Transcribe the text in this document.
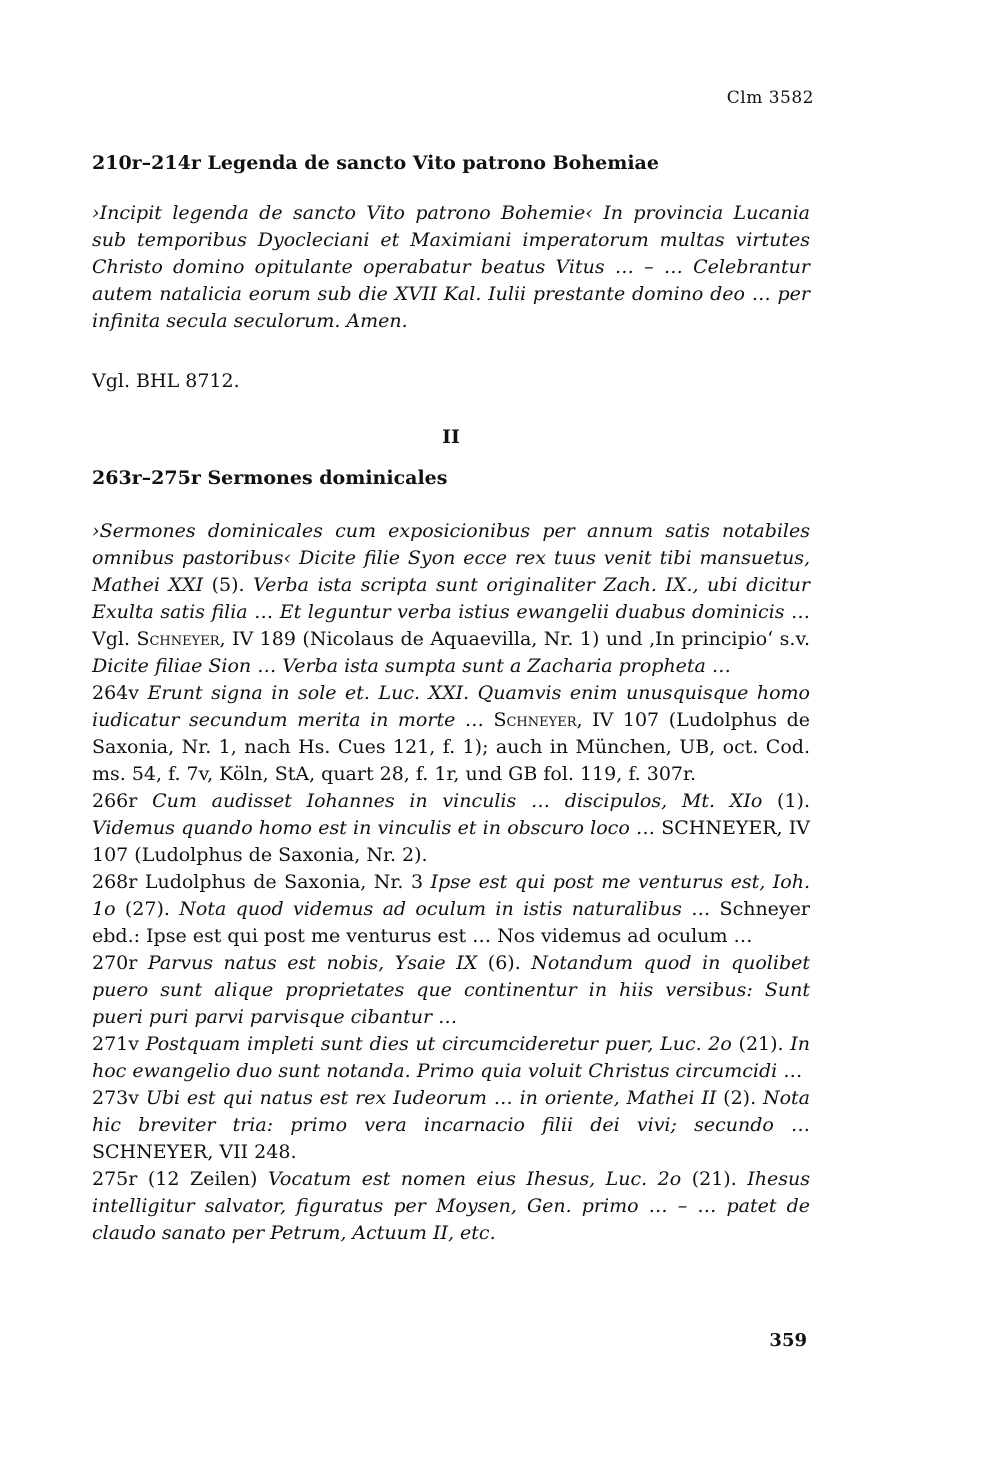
Clm 3582
210r–214r Legenda de sancto Vito patrono Bohemiae
›Incipit legenda de sancto Vito patrono Bohemie‹ In provincia Lucania sub temporibus Dyocleciani et Maximiani imperatorum multas virtutes Christo domino opitulante operabatur beatus Vitus … – … Celebrantur autem natalicia eorum sub die XVII Kal. Iulii prestante domino deo … per infinita secula seculorum. Amen.
Vgl. BHL 8712.
II
263r–275r Sermones dominicales

›Sermones dominicales cum exposicionibus per annum satis notabiles omnibus pastoribus‹ Dicite filie Syon ecce rex tuus venit tibi mansuetus, Mathei XXI (5). Verba ista scripta sunt originaliter Zach. IX., ubi dicitur Exulta satis filia … Et leguntur verba istius ewangelii duabus dominicis … Vgl. Schneyer, IV 189 (Nicolaus de Aquaevilla, Nr. 1) und ‚In principio‘ s.v. Dicite filiae Sion … Verba ista sumpta sunt a Zacharia propheta …

264v Erunt signa in sole et. Luc. XXI. Quamvis enim unusquisque homo iudicatur secundum merita in morte … Schneyer, IV 107 (Ludolphus de Saxonia, Nr. 1, nach Hs. Cues 121, f. 1); auch in München, UB, oct. Cod. ms. 54, f. 7v, Köln, StA, quart 28, f. 1r, und GB fol. 119, f. 307r.

266r Cum audisset Iohannes in vinculis … discipulos, Mt. XIo (1). Videmus quando homo est in vinculis et in obscuro loco … SCHNEYER, IV 107 (Ludolphus de Saxonia, Nr. 2).

268r Ludolphus de Saxonia, Nr. 3 Ipse est qui post me venturus est, Ioh. 1o (27). Nota quod videmus ad oculum in istis naturalibus … Schneyer ebd.: Ipse est qui post me venturus est … Nos videmus ad oculum …

270r Parvus natus est nobis, Ysaie IX (6). Notandum quod in quolibet puero sunt alique proprietates que continentur in hiis versibus: Sunt pueri puri parvi parvisque cibantur …

271v Postquam impleti sunt dies ut circumcideretur puer, Luc. 2o (21). In hoc ewangelio duo sunt notanda. Primo quia voluit Christus circumcidi …

273v Ubi est qui natus est rex Iudeorum … in oriente, Mathei II (2). Nota hic breviter tria: primo vera incarnacio filii dei vivi; secundo … SCHNEYER, VII 248.

275r (12 Zeilen) Vocatum est nomen eius Ihesus, Luc. 2o (21). Ihesus intelligitur salvator, figuratus per Moysen, Gen. primo … – … patet de claudo sanato per Petrum, Actuum II, etc.

359
